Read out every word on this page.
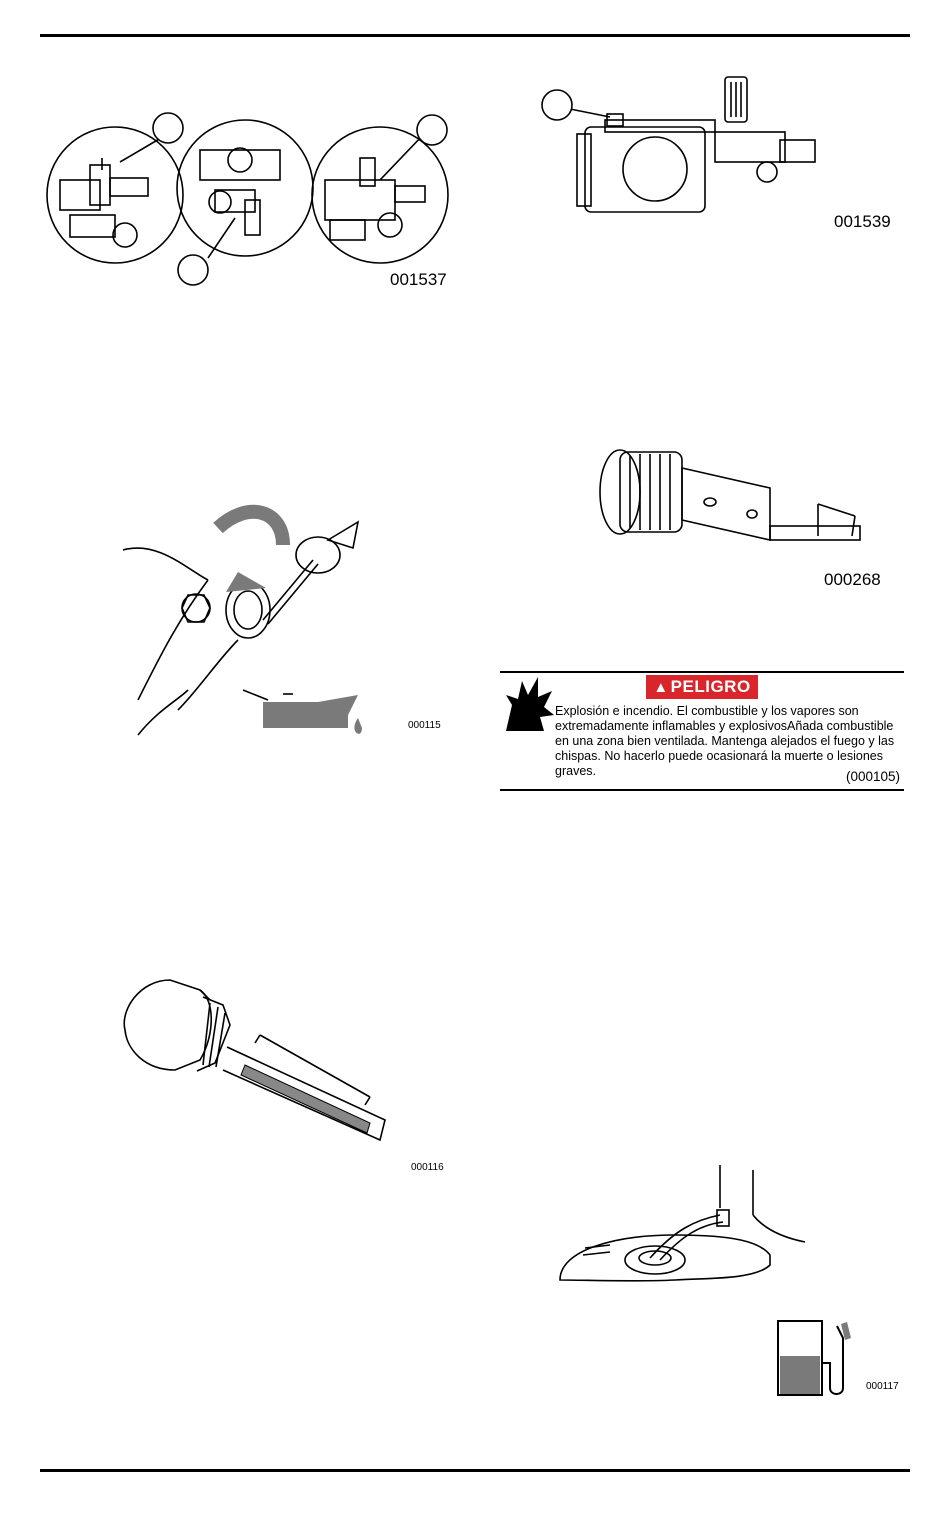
001537
001539
000268
000115
▲ PELIGRO
Explosión e incendio. El combustible y los vapores son extremadamente inflamables y explosivosAñada combustible en una zona bien ventilada. Mantenga alejados el fuego y las chispas. No hacerlo puede ocasionará la muerte o lesiones graves.	(000105)
000116
000117
